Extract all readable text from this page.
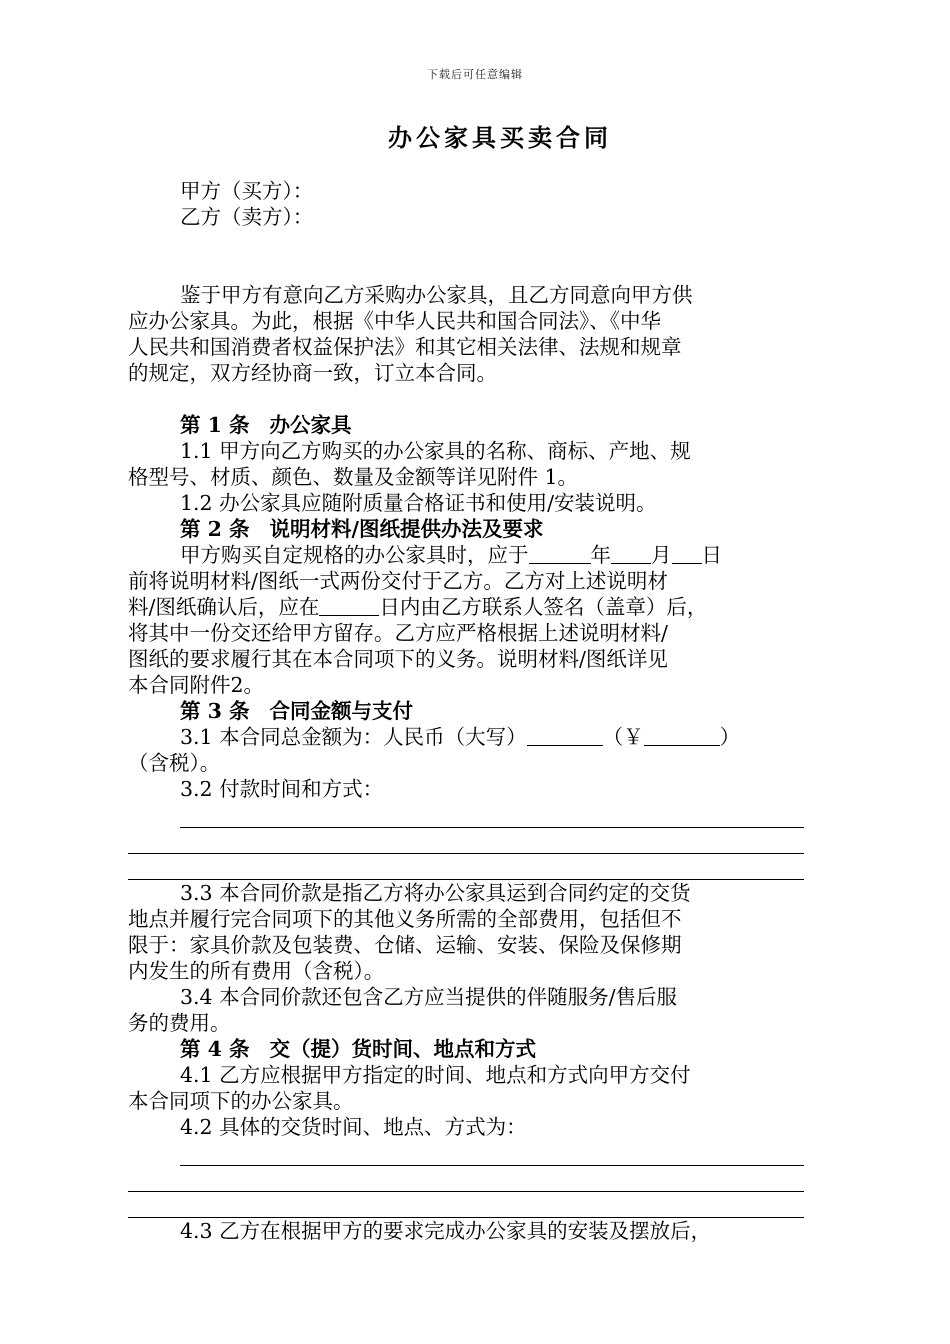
下载后可任意编辑
办公家具买卖合同
甲方（买方）：
乙方（卖方）：
鉴于甲方有意向乙方采购办公家具，且乙方同意向甲方供
应办公家具。为此，根据《中华人民共和国合同法》、《中华
人民共和国消费者权益保护法》和其它相关法律、法规和规章
的规定，双方经协商一致，订立本合同。
第 1 条 办公家具
1.1 甲方向乙方购买的办公家具的名称、商标、产地、规
格型号、材质、颜色、数量及金额等详见附件 1。
1.2 办公家具应随附质量合格证书和使用/安装说明。
第 2 条 说明材料/图纸提供办法及要求
甲方购买自定规格的办公家具时，应于	年 月 日
前将说明材料/图纸一式两份交付于乙方。乙方对上述说明材
料/图纸确认后，应在	日内由乙方联系人签名（盖章）后，
将其中一份交还给甲方留存。乙方应严格根据上述说明材料/
图纸的要求履行其在本合同项下的义务。说明材料/图纸详见
本合同附件2。
第 3 条 合同金额与支付
3.1 本合同总金额为：人民币（大写）	（￥	）
（含税）。
3.2 付款时间和方式：
3.3 本合同价款是指乙方将办公家具运到合同约定的交货
地点并履行完合同项下的其他义务所需的全部费用，包括但不
限于：家具价款及包装费、仓储、运输、安装、保险及保修期
内发生的所有费用（含税）。
3.4 本合同价款还包含乙方应当提供的伴随服务/售后服
务的费用。
第 4 条 交（提）货时间、地点和方式
4.1 乙方应根据甲方指定的时间、地点和方式向甲方交付
本合同项下的办公家具。
4.2 具体的交货时间、地点、方式为：
4.3 乙方在根据甲方的要求完成办公家具的安装及摆放后，
